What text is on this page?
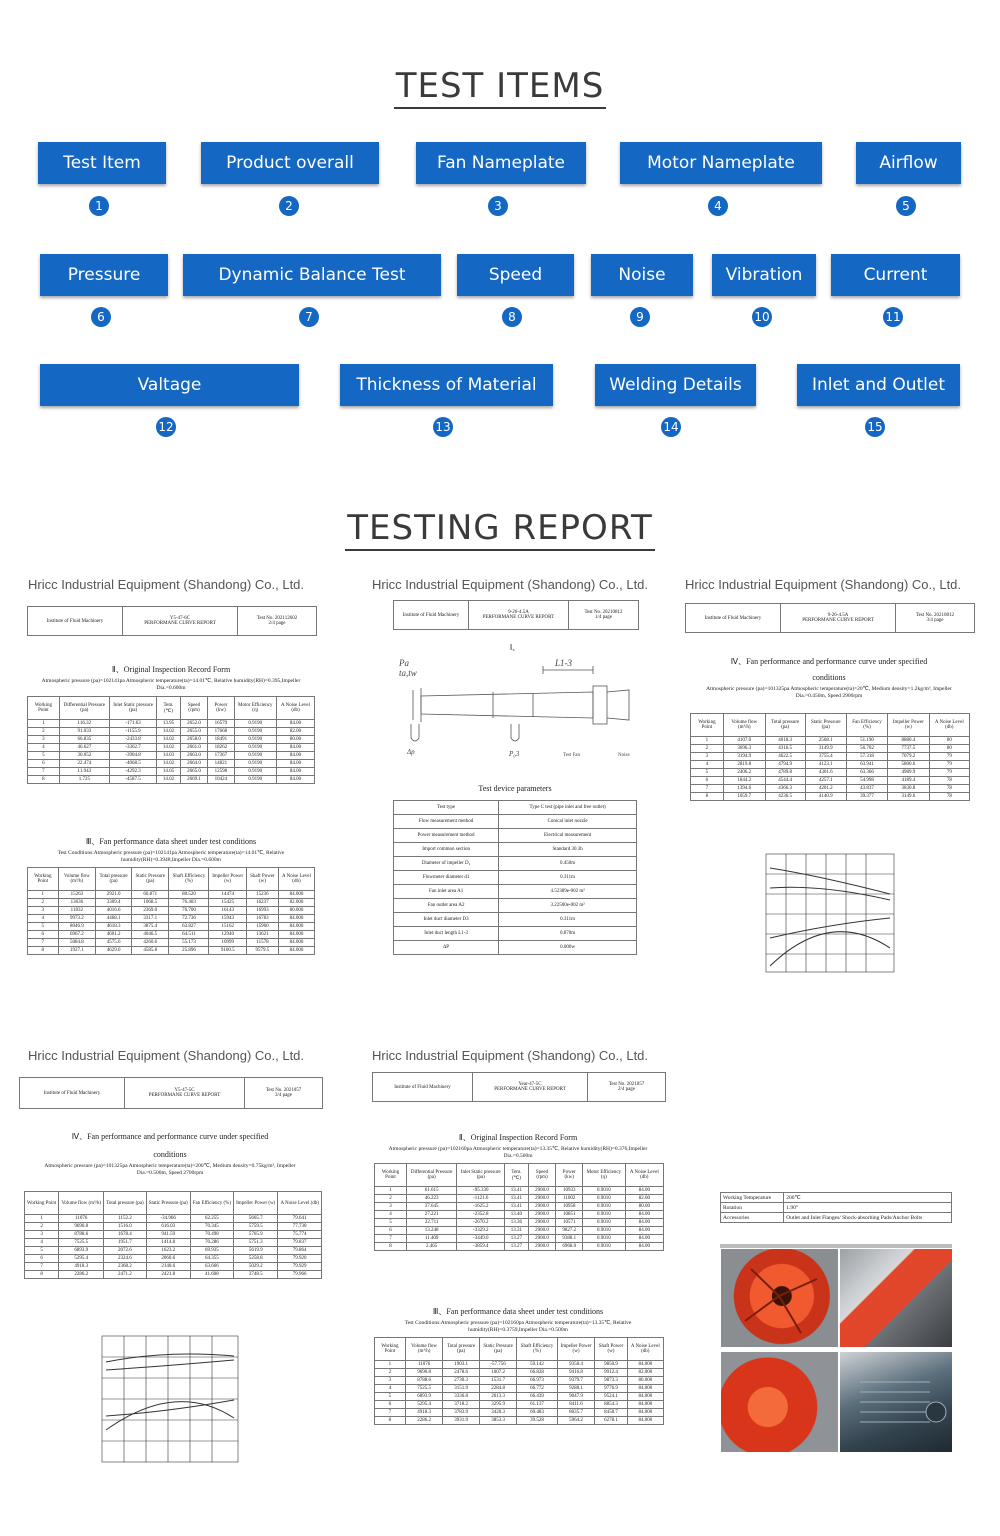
TEST ITEMS
Test Item	Product overall	Fan Nameplate	Motor Nameplate	Airflow
1	2	3	4	5
Pressure	Dynamic Balance Test	Speed	Noise	Vibration	Current
6	7	8	9	10	11
Valtage	Thickness of Material	Welding Details	Inlet and Outlet
12	13	14	15
TESTING REPORT
Hricc Industrial Equipment (Shandong) Co., Ltd.	Hricc Industrial Equipment (Shandong) Co., Ltd.	Hricc Industrial Equipment (Shandong) Co., Ltd.
Hricc Industrial Equipment (Shandong) Co., Ltd.	Hricc Industrial Equipment (Shandong) Co., Ltd.
Institute of Fluid Machinery	Y5-47-6C
PERFORMANE CURVE REPORT
Test No. 202112602
2/4 page
Ⅱ、Original Inspection Record Form
Atmospheric pressure (pa)=102141pa Atmospheric temperature(ta)=14.01℃, Relative humidity(RH)=0.395,Impeller Dia.=0.600m
Working Point	Differential Pressure (pa)	Inlet Static pressure (pa)	Tem. (℃)	Speed (rpm)	Power (kw)	Motor Efficiency (η)	A Noise Level (db)
1	116.32	-171.63	13.95	2652.0	16579	0.9190	84.00
2	91.033	-1155.9	14.02	2655.0	17668	0.9190	82.00
3	66.835	-2433.8	14.02	2658.0	18491	0.9190	80.00
4	46.627	-3362.7	14.02	2661.0	18262	0.9190	84.00
5	30.052	-3904.8	14.03	2663.0	17367	0.9190	84.00
6	22.474	-4068.5	14.02	2664.0	14821	0.9190	84.00
7	11.943	-4292.3	14.05	2665.0	12598	0.9190	84.00
8	1.725	-4587.5	14.02	2669.1	10424	0.9190	84.00
Ⅲ、Fan performance data sheet under test conditions
Test Conditions:Atmospheric pressure (pa)=102141pa Atmospheric temperature(ta)=14.01℃, Relative humidity(RH)=0.3948,Impeller Dia.=0.600m
Working Point	Volume flow (m³/h)	Total pressure (pa)	Static Pressure (pa)	Shaft Efficiency (%)	Impeller Power (w)	Shaft Power (w)	A Noise Level (db)
1	15263	2921.0	60.871	80.520	14474	15236	84.000
2	13636	3309.4	1068.5	76.403	15425	16237	82.000
3	11832	4016.6	2369.0	76.700	16143	16993	80.000
4	9973.2	4468.1	3317.1	72.736	15943	16783	84.000
5	8046.9	4618.3	3875.4	63.827	15162	15960	84.000
6	6967.2	4601.2	4046.5	64.511	12940	13621	84.000
7	5084.8	4575.6	4260.6	55.173	10999	11578	84.000
8	1927.1	4629.0	4585.8	25.896	9100.5	9579.5	84.000
Institute of Fluid Machinery	9-26-4.5A
PERFORMANE CURVE REPORT
Test No. 20210812
1/4 page
Ⅰ、
Pa
ta,tw
L1-3
Δp	P₀3	Test Fan	Noise
Test device parameters
Test type	Type C test (pipe inlet and free outlet)
Flow measurement method	Conical inlet nozzle
Power measurement method	Electrical measurement
Import common section	Standard 30.3h
Diameter of impeller D₂	0.450m
Flowmeter diameter d1	0.311m
Fan inlet area A1	4.52389e-002 m²
Fan outlet area A2	3.22500e-002 m²
Inlet duct diameter D3	0.311m
Inlet duct length L1-3	0.870m
ΔP	0.000w
Institute of Fluid Machinery	9-26-4.5A
PERFORMANE CURVE REPORT
Test No. 20210812
3/4 page
Ⅳ、Fan performance and performance curve under specified
conditions
Atmospheric pressure (pa)=101325pa Atmospheric temperature(ta)=20℃, Medium density=1.2kg/m³, Impeller Dia.=0.450m, Speed 2900rpm
Working Point	Volume flow (m³/h)	Total pressure (pa)	Static Pressure (pa)	Fan Efficiency (%)	Impeller Power (w)	A Noise Level (db)
1	4107.0	4018.3	2568.1	51.190	8880.4	80
2	3696.3	4316.5	3149.9	56.702	7737.5	80
3	3194.9	4622.5	3755.4	57.318	7079.2	79
4	2819.8	4794.9	4123.1	63.941	5800.6	79
5	2406.2	4789.8	4301.6	63.366	4989.9	79
6	1844.2	4544.4	4257.1	54.998	4189.4	78
7	1394.6	4366.3	4201.2	43.837	3830.8	78
8	1059.7	4236.5	4140.9	39.377	3149.6	78
Institute of Fluid Machinery	Y5-47-5C
PERFORMANE CURVE REPORT
Test No. 2021057
3/4 page
Ⅳ、Fan performance and performance curve under specified
conditions
Atmospheric pressure (pa)=101325pa Atmospheric temperature(ta)=200℃, Medium density=0.75kg/m³, Impeller Dia.=0.500m, Speed 2700rpm
Working Point	Volume flow (m³/h)	Total pressure (pa)	Static Pressure (pa)	Fan Efficiency (%)	Impeller Power (w)	A Noise Level (db)
1	11076	1152.2	-34.966	62.255	5665.7	79.641
2	9690.8	1516.0	616.03	70.345	5759.5	77.730
3	8788.6	1678.4	941.59	70.498	5765.9	75.774
4	7525.5	1951.7	1414.8	70.286	5751.3	79.837
5	6893.9	2072.6	1623.2	69.935	5619.9	79.864
6	5295.4	2324.6	2060.6	64.355	5258.8	79.920
7	4918.3	2368.2	2140.6	63.666	5029.2	79.929
8	2286.2	2471.2	2421.8	41.608	3748.5	79.966
Institute of Fluid Machinery	Year-47-5C
PERFORMANE CURVE REPORT
Test No. 2021057
2/4 page
Ⅱ、Original Inspection Record Form
Atmospheric pressure (pa)=102160pa Atmospheric temperature(ta)=13.35℃, Relative humidity(RH)=0.376,Impeller Dia.=0.500m
Working Point	Differential Pressure (pa)	Inlet Static pressure (pa)	Tem. (℃)	Speed (rpm)	Power (kw)	Motor Efficiency (η)	A Noise Level (db)
1	61.615	-95.330	13.41	2900.0	10933	0.9010	84.00
2	46.223	-1121.6	13.41	2900.0	11002	0.9010	82.00
3	37.645	-1625.2	13.41	2900.0	10958	0.9010	80.00
4	27.221	-2352.8	13.40	2900.0	10851	0.9010	84.00
5	22.711	-2670.2	13.36	2900.0	10571	0.9010	84.00
6	13.248	-3329.2	13.31	2900.0	9827.2	0.9010	84.00
7	11.409	-3449.0	13.27	2900.0	9388.1	0.9010	84.00
8	2.465	-3859.4	13.27	2900.0	6968.0	0.9010	84.00
Ⅲ、Fan performance data sheet under test conditions
Test Conditions:Atmospheric pressure (pa)=102160pa Atmospheric temperature(ta)=13.35℃, Relative humidity(RH)=0.3759,Impeller Dia.=0.500m
Working Point	Volume flow (m³/h)	Total pressure (pa)	Static Pressure (pa)	Shaft Efficiency (%)	Impeller Power (w)	Shaft Power (w)	A Noise Level (db)
1	11076	1903.1	-57.756	59.142	9358.4	9850.9	84.000
2	9690.8	2478.6	1007.2	66.828	9416.8	9912.4	82.000
3	8788.6	2730.3	1531.7	66.973	9379.7	9873.3	80.000
4	7525.5	3151.9	2284.8	66.772	9288.1	9776.9	84.000
5	6893.9	3336.8	2613.3	66.439	9047.9	9524.1	84.000
6	5295.4	3718.2	3295.9	61.137	8411.6	8854.3	84.000
7	4918.3	3783.9	3420.3	60.483	8035.7	8458.7	84.000
8	2286.2	3931.9	3853.3	39.528	5964.2	6278.1	84.000
Working Temperature	200℃
Rotation	1.90°
Accessories	Outlet and Inlet Flanges/ Shock-absorbing Pads/Anchor Bolts
